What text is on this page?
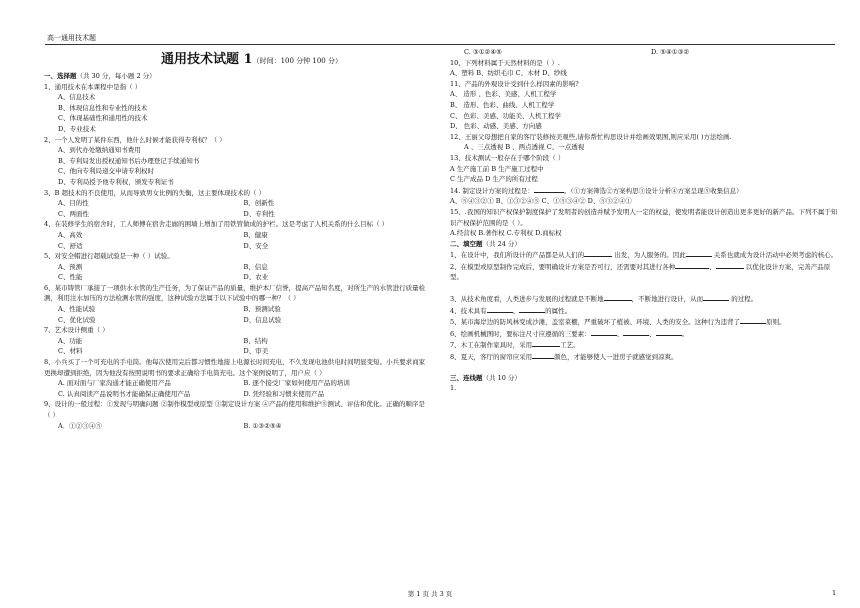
高一通用技术题
通用技术试题 1（时间：100 分钟 100 分）
一、选择题（共 30 分，每小题 2 分）
1、通用技术在本课程中是指（ ）
A、信息技术
B、体现信息性和专业性的技术
C、体现基础性和通用性的技术
D、专业技术
2、一个人发明了某件东西，他什么时候才能获得专利权？（ ）
A、到代办处缴纳通知书费用
B、专利局发出授权通知书后办理登记手续通知书
C、他向专利局递交申请专利权时
D、专利局授予他专利权，颁发专利证书
3、B 超技术的不良使用，从而导致男女比例的失衡，这主要体现技术的（ ）
A、目的性	B、创新性
C、两面性	D、专利性
4、在装修学生的宿舍时，工人师傅在宿舍走廊的围墙上增加了用铁管做成的护栏。这是考虑了人机关系的什么目标（ ）
A、高效	B、健康
C、舒适	D、安全
5、对安全帽进行超载试验是一种（ ）试验。
A、预测	B、信息
C、性能	D、农业
6、某市铸管厂承接了一项供水水管的生产任务，为了保证产品的质量，维护本厂信誉，提高产品知名度，对所生产的水管进行质量检测，利用注水加压的方法检测水管的强度，这种试验方法属于以下试验中的哪一种？（ ）
A、性能试验	B、预测试验
C、优化试验	D、信息试验
7、艺术设计侧重（ ）
A、功能	B、结构
C、材料	D、审美
8、小兵买了一个可充电的手电筒。他每次使用完后都习惯性地接上电源长时间充电，不久发现电池供电时间明显变短。小兵要求商家更换却遭到拒绝，因为他没有按照说明书的要求正确给手电筒充电。这个案例说明了，用户应（ ）
A. 面对面与厂家沟通才能正确使用产品	B. 逐个接受厂家如何使用产品的培训
C. 认真阅读产品说明书才能确保正确使用产品	D. 凭经验和习惯来使用产品
9、设计的一般过程：①发现与明确问题 ②制作模型或原型 ③制定设计方案 ④产品的使用和维护⑤测试、评估和优化。正确的顺序是（ ）
A．①②③④⑤	B. ①③②⑤④
C. ③①②④⑤	D. ⑤④①③②
10、下列材料属于天然材料的是（ ）.
A、塑料 B、纺织毛巾 C、木材 D、纱线
11、产品的外观设计受到什么样因素的影响?
A、 造形 、色彩、美感、人机工程学
B、 造形、色彩、曲线、人机工程学
C、 色彩、美感、功能美、人机工程学
D、 色彩、动感、美感、方向感
12、王丽父母想把自家的客厅装修按美观些,请你帮忙构思设计并绘画效果图,则应采用( )方法绘画.
A 、三点透视 B 、两点透视 C、一点透视
13、技术测试一般存在于哪个阶段（ ）
A 生产施工前 B 生产施工过程中
C 生产成品 D 生产的所有过程
14. 制定设计方案的过程是：	。（①方案筛选②方案构思③设计分析④方案呈现⑤收集信息）
A、⑤④③②① B、①③②④⑤ C、①⑤③④② D、⑤③②④①
15、.我国的知识产权保护制度保护了发明者的创造并赋予发明人一定的权益，使发明者能设计创造出更多更好的新产品。下列不属于知识产权保护范围的是（ ）。
A.经营权 B.著作权 C.专利权 D.商标权
二、填空题（共 24 分）
1、在设计中，我们所设计的产品都是从人们的	出发，为人服务的。因此	关系也就成为设计活动中必须考虑的核心。
2、在模型或原型制作完成后，要明确设计方案是否可行，还需要对其进行各种	、	以优化设计方案，完善产品原型。
3、从技术角度看，人类进步与发展的过程就是不断地	，不断地进行设计，从而	的过程。
4、技术具有	、	的属性。
5、某市海岸边的防风林变成沙滩，盖室菜棚，严重破坏了植被、环境、人类的安全。这种行为违背了	原则。
6、绘画机械图时，要标注尺寸应遵循的三要素：	、	、	。
7、木工在制作家具时，采用	工艺。
8、夏天，客厅的窗帘应采用	颜色，才能够使人一进房子就感觉到凉爽。
三、连线题（共 10 分）
1.
第 1 页 共 3 页	1
